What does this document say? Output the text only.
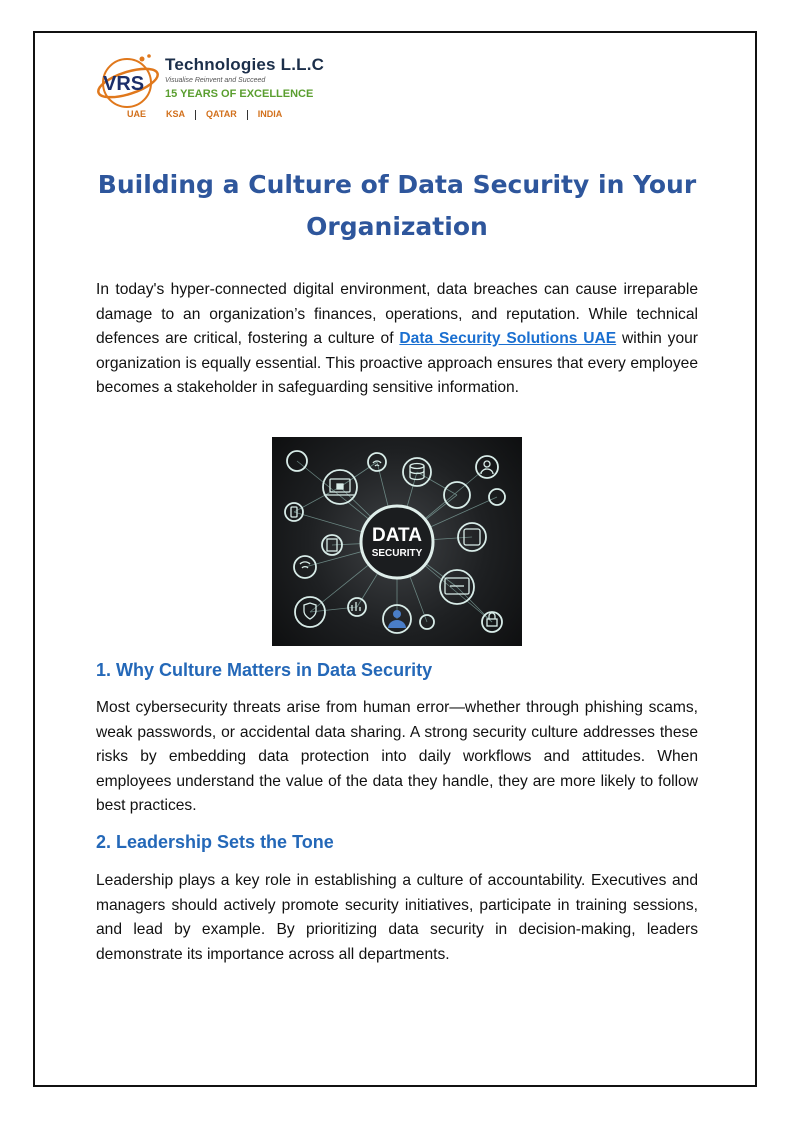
VRS
Technologies L.L.C
Visualise Reinvent and Succeed
15 YEARS OF EXCELLENCE
UAE	KSA	QATAR	INDIA
Building a Culture of Data Security in Your Organization

In today's hyper-connected digital environment, data breaches can cause irreparable damage to an organization’s finances, operations, and reputation. While technical defences are critical, fostering a culture of Data Security Solutions UAE within your organization is equally essential. This proactive approach ensures that every employee becomes a stakeholder in safeguarding sensitive information.

DATA
SECURITY
1. Why Culture Matters in Data Security

Most cybersecurity threats arise from human error—whether through phishing scams, weak passwords, or accidental data sharing. A strong security culture addresses these risks by embedding data protection into daily workflows and attitudes. When employees understand the value of the data they handle, they are more likely to follow best practices.

2. Leadership Sets the Tone

Leadership plays a key role in establishing a culture of accountability. Executives and managers should actively promote security initiatives, participate in training sessions, and lead by example. By prioritizing data security in decision-making, leaders demonstrate its importance across all departments.
